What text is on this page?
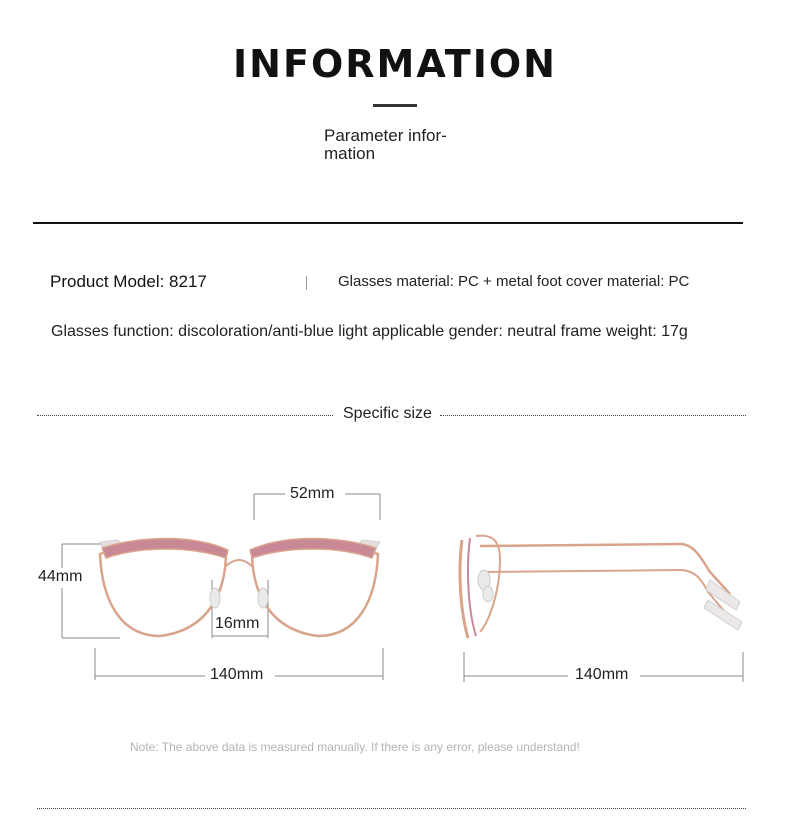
INFORMATION
Parameter infor- mation
Product Model: 8217	Glasses material: PC + metal foot cover material: PC
Glasses function: discoloration/anti-blue light applicable gender: neutral frame weight: 17g
Specific size
52mm
44mm
16mm
140mm	140mm
Note: The above data is measured manually. If there is any error, please understand!
